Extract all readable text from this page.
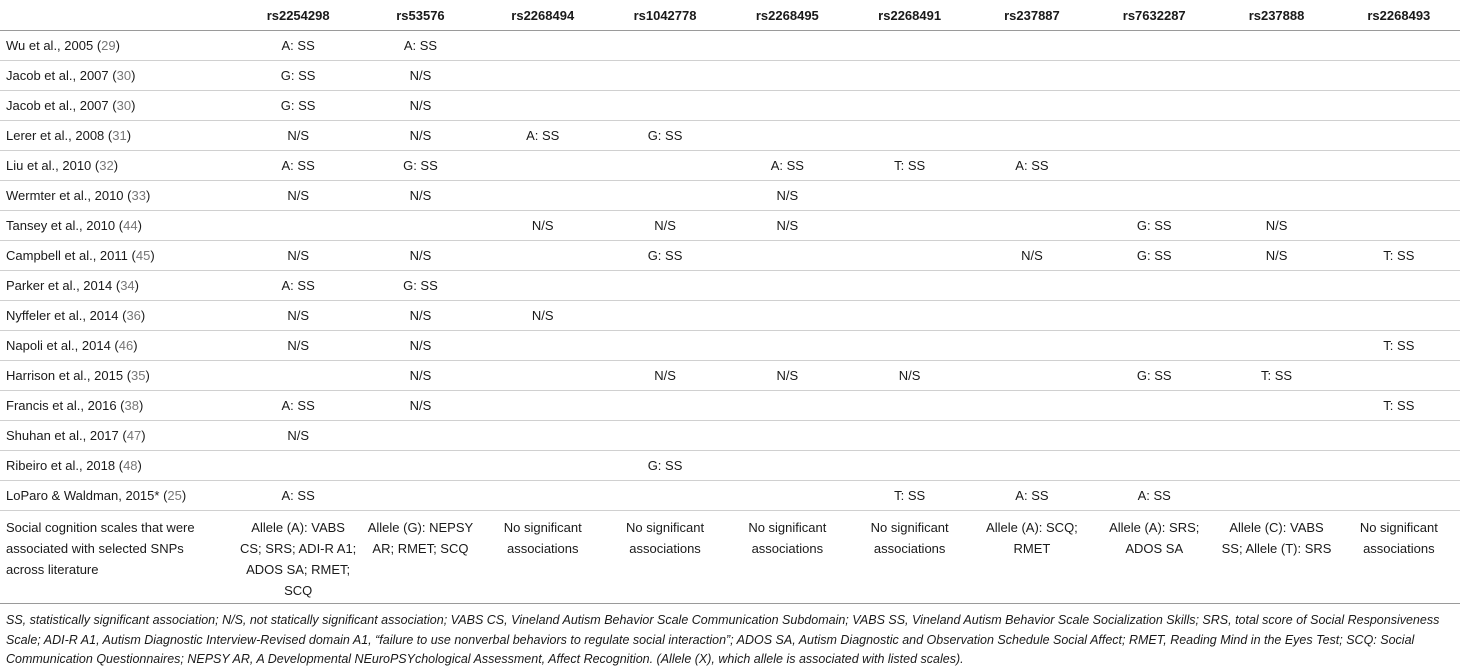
	rs2254298	rs53576	rs2268494	rs1042778	rs2268495	rs2268491	rs237887	rs7632287	rs237888	rs2268493
Wu et al., 2005 (29)	A: SS	A: SS								
Jacob et al., 2007 (30)	G: SS	N/S								
Jacob et al., 2007 (30)	G: SS	N/S								
Lerer et al., 2008 (31)	N/S	N/S	A: SS	G: SS						
Liu et al., 2010 (32)	A: SS	G: SS			A: SS	T: SS	A: SS			
Wermter et al., 2010 (33)	N/S	N/S			N/S					
Tansey et al., 2010 (44)			N/S	N/S	N/S			G: SS	N/S	
Campbell et al., 2011 (45)	N/S	N/S		G: SS			N/S	G: SS	N/S	T: SS
Parker et al., 2014 (34)	A: SS	G: SS								
Nyffeler et al., 2014 (36)	N/S	N/S	N/S							
Napoli et al., 2014 (46)	N/S	N/S								T: SS
Harrison et al., 2015 (35)		N/S		N/S	N/S	N/S		G: SS	T: SS	
Francis et al., 2016 (38)	A: SS	N/S								T: SS
Shuhan et al., 2017 (47)	N/S									
Ribeiro et al., 2018 (48)				G: SS						
LoParo & Waldman, 2015* (25)	A: SS					T: SS	A: SS	A: SS		
Social cognition scales that were associated with selected SNPs across literature	Allele (A): VABS CS; SRS; ADI-R A1; ADOS SA; RMET; SCQ	Allele (G): NEPSY AR; RMET; SCQ	No significant associations	No significant associations	No significant associations	No significant associations	Allele (A): SCQ; RMET	Allele (A): SRS; ADOS SA	Allele (C): VABS SS; Allele (T): SRS	No significant associations
SS, statistically significant association; N/S, not statically significant association; VABS CS, Vineland Autism Behavior Scale Communication Subdomain; VABS SS, Vineland Autism Behavior Scale Socialization Skills; SRS, total score of Social Responsiveness Scale; ADI-R A1, Autism Diagnostic Interview-Revised domain A1, “failure to use nonverbal behaviors to regulate social interaction”; ADOS SA, Autism Diagnostic and Observation Schedule Social Affect; RMET, Reading Mind in the Eyes Test; SCQ: Social Communication Questionnaires; NEPSY AR, A Developmental NEuroPSYchological Assessment, Affect Recognition. (Allele (X), which allele is associated with listed scales).
